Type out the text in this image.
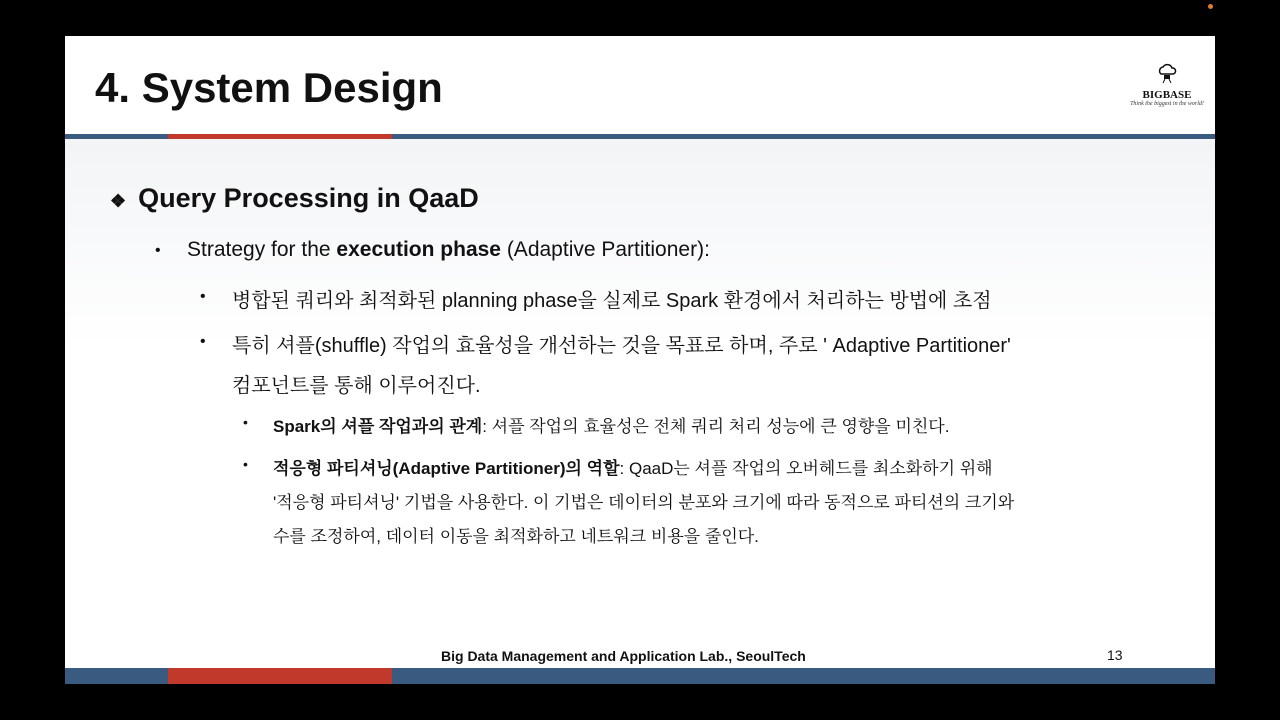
4. System Design	BIGBASE
Think the biggest in the world!
❖ Query Processing in QaaD
• Strategy for the execution phase (Adaptive Partitioner):
• 병합된 쿼리와 최적화된 planning phase을 실제로 Spark 환경에서 처리하는 방법에 초점
• 특히 셔플(shuffle) 작업의 효율성을 개선하는 것을 목표로 하며, 주로 ' Adaptive Partitioner'
컴포넌트를 통해 이루어진다.
• Spark의 셔플 작업과의 관계: 셔플 작업의 효율성은 전체 쿼리 처리 성능에 큰 영향을 미친다.
• 적응형 파티셔닝(Adaptive Partitioner)의 역할: QaaD는 셔플 작업의 오버헤드를 최소화하기 위해
'적응형 파티셔닝' 기법을 사용한다. 이 기법은 데이터의 분포와 크기에 따라 동적으로 파티션의 크기와
수를 조정하여, 데이터 이동을 최적화하고 네트워크 비용을 줄인다.
Big Data Management and Application Lab., SeoulTech	13
